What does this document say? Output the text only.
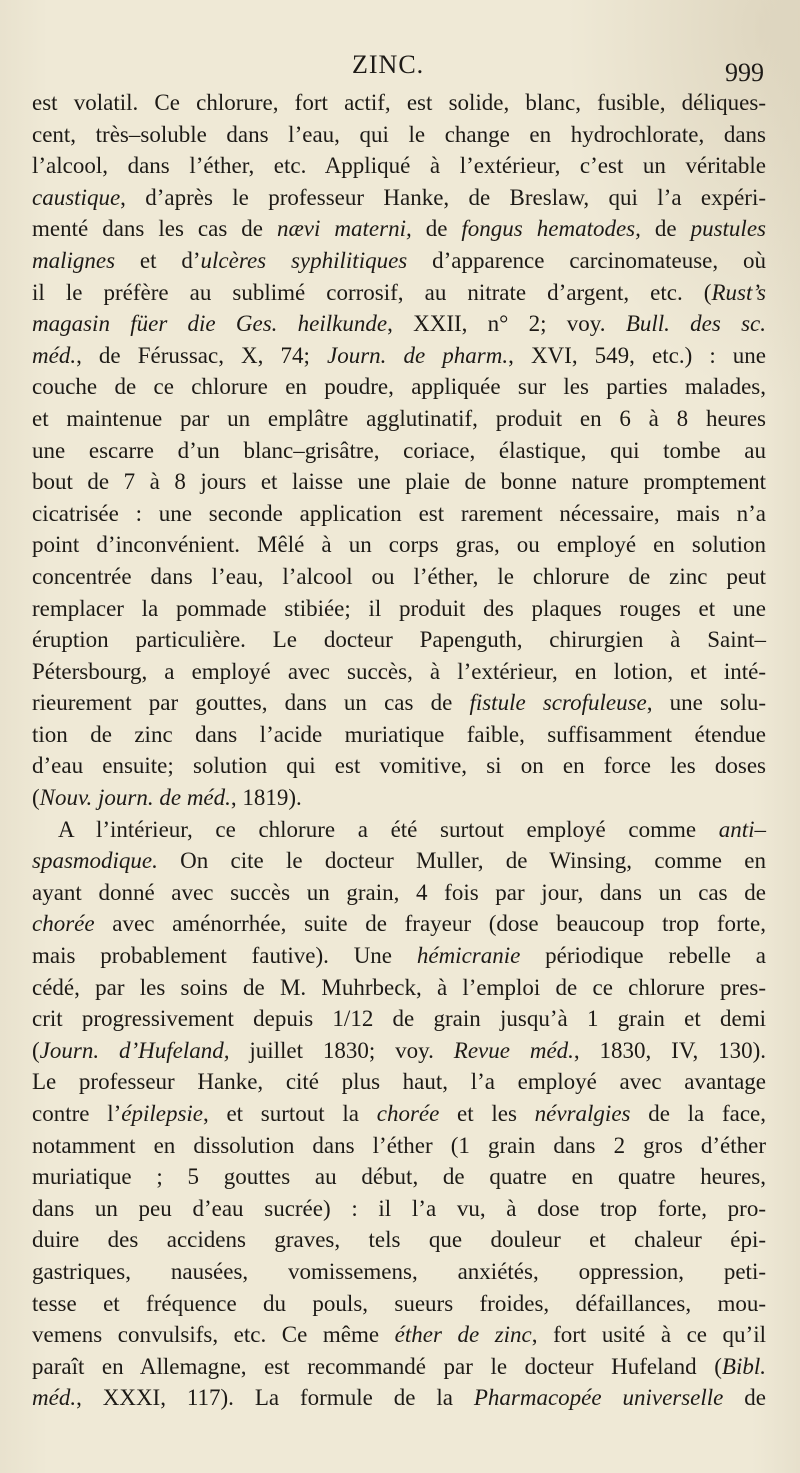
ZINC.	999
est volatil. Ce chlorure, fort actif, est solide, blanc, fusible, déliques-
cent, très–soluble dans l’eau, qui le change en hydrochlorate, dans
l’alcool, dans l’éther, etc. Appliqué à l’extérieur, c’est un véritable
caustique, d’après le professeur Hanke, de Breslaw, qui l’a expéri-
menté dans les cas de nævi materni, de fongus hematodes, de pustules
malignes et d’ulcères syphilitiques d’apparence carcinomateuse, où
il le préfère au sublimé corrosif, au nitrate d’argent, etc. (Rust’s
magasin füer die Ges. heilkunde, XXII, n° 2; voy. Bull. des sc.
méd., de Férussac, X, 74; Journ. de pharm., XVI, 549, etc.) : une
couche de ce chlorure en poudre, appliquée sur les parties malades,
et maintenue par un emplâtre agglutinatif, produit en 6 à 8 heures
une escarre d’un blanc–grisâtre, coriace, élastique, qui tombe au
bout de 7 à 8 jours et laisse une plaie de bonne nature promptement
cicatrisée : une seconde application est rarement nécessaire, mais n’a
point d’inconvénient. Mêlé à un corps gras, ou employé en solution
concentrée dans l’eau, l’alcool ou l’éther, le chlorure de zinc peut
remplacer la pommade stibiée; il produit des plaques rouges et une
éruption particulière. Le docteur Papenguth, chirurgien à Saint–
Pétersbourg, a employé avec succès, à l’extérieur, en lotion, et inté-
rieurement par gouttes, dans un cas de fistule scrofuleuse, une solu-
tion de zinc dans l’acide muriatique faible, suffisamment étendue
d’eau ensuite; solution qui est vomitive, si on en force les doses
(Nouv. journ. de méd., 1819).
A l’intérieur, ce chlorure a été surtout employé comme anti–
spasmodique. On cite le docteur Muller, de Winsing, comme en
ayant donné avec succès un grain, 4 fois par jour, dans un cas de
chorée avec aménorrhée, suite de frayeur (dose beaucoup trop forte,
mais probablement fautive). Une hémicranie périodique rebelle a
cédé, par les soins de M. Muhrbeck, à l’emploi de ce chlorure pres-
crit progressivement depuis 1/12 de grain jusqu’à 1 grain et demi
(Journ. d’Hufeland, juillet 1830; voy. Revue méd., 1830, IV, 130).
Le professeur Hanke, cité plus haut, l’a employé avec avantage
contre l’épilepsie, et surtout la chorée et les névralgies de la face,
notamment en dissolution dans l’éther (1 grain dans 2 gros d’éther
muriatique ; 5 gouttes au début, de quatre en quatre heures,
dans un peu d’eau sucrée) : il l’a vu, à dose trop forte, pro-
duire des accidens graves, tels que douleur et chaleur épi-
gastriques, nausées, vomissemens, anxiétés, oppression, peti-
tesse et fréquence du pouls, sueurs froides, défaillances, mou-
vemens convulsifs, etc. Ce même éther de zinc, fort usité à ce qu’il
paraît en Allemagne, est recommandé par le docteur Hufeland (Bibl.
méd., XXXI, 117). La formule de la Pharmacopée universelle de
